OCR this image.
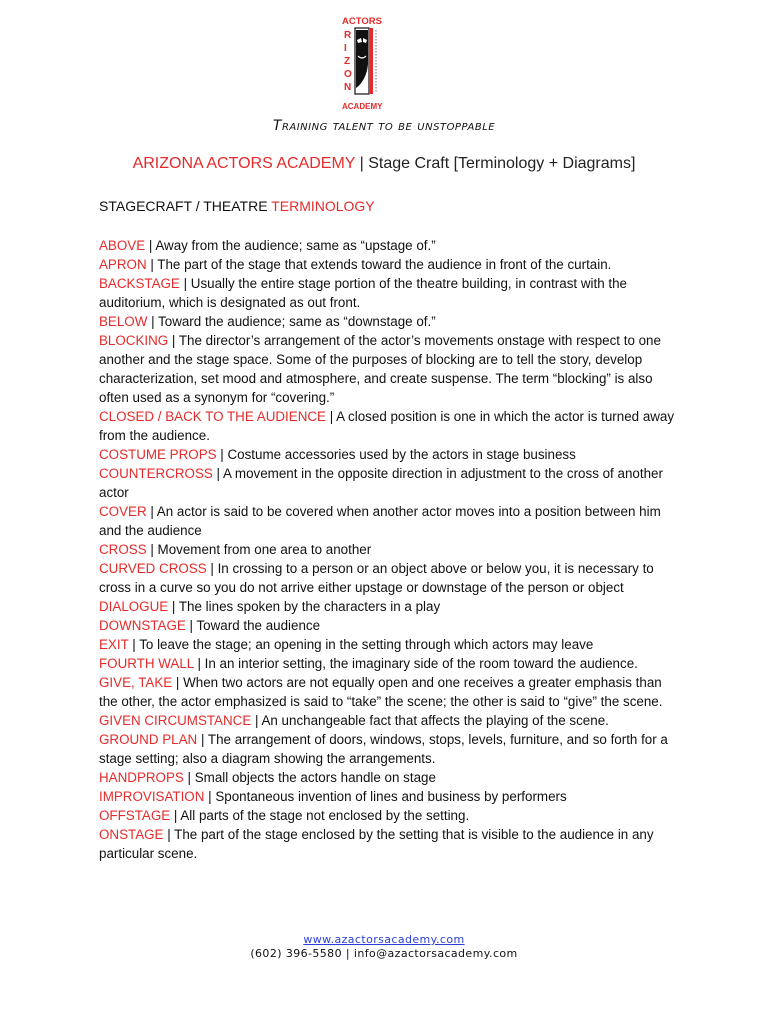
ACTORS
R
I
Z
O
N
ACADEMY
Training talent to be unstoppable
ARIZONA ACTORS ACADEMY | Stage Craft [Terminology + Diagrams]
STAGECRAFT / THEATRE TERMINOLOGY
ABOVE | Away from the audience; same as “upstage of.”
APRON | The part of the stage that extends toward the audience in front of the curtain.
BACKSTAGE | Usually the entire stage portion of the theatre building, in contrast with the auditorium, which is designated as out front.
BELOW | Toward the audience; same as “downstage of.”
BLOCKING | The director’s arrangement of the actor’s movements onstage with respect to one another and the stage space. Some of the purposes of blocking are to tell the story, develop characterization, set mood and atmosphere, and create suspense. The term “blocking” is also often used as a synonym for “covering.”
CLOSED / BACK TO THE AUDIENCE | A closed position is one in which the actor is turned away from the audience.
COSTUME PROPS | Costume accessories used by the actors in stage business
COUNTERCROSS | A movement in the opposite direction in adjustment to the cross of another actor
COVER | An actor is said to be covered when another actor moves into a position between him and the audience
CROSS | Movement from one area to another
CURVED CROSS | In crossing to a person or an object above or below you, it is necessary to cross in a curve so you do not arrive either upstage or downstage of the person or object
DIALOGUE | The lines spoken by the characters in a play
DOWNSTAGE | Toward the audience
EXIT | To leave the stage; an opening in the setting through which actors may leave
FOURTH WALL | In an interior setting, the imaginary side of the room toward the audience.
GIVE, TAKE | When two actors are not equally open and one receives a greater emphasis than the other, the actor emphasized is said to “take” the scene; the other is said to “give” the scene.
GIVEN CIRCUMSTANCE | An unchangeable fact that affects the playing of the scene.
GROUND PLAN | The arrangement of doors, windows, stops, levels, furniture, and so forth for a stage setting; also a diagram showing the arrangements.
HANDPROPS | Small objects the actors handle on stage
IMPROVISATION | Spontaneous invention of lines and business by performers
OFFSTAGE | All parts of the stage not enclosed by the setting.
ONSTAGE | The part of the stage enclosed by the setting that is visible to the audience in any particular scene.
www.azactorsacademy.com
(602) 396-5580 | info@azactorsacademy.com
